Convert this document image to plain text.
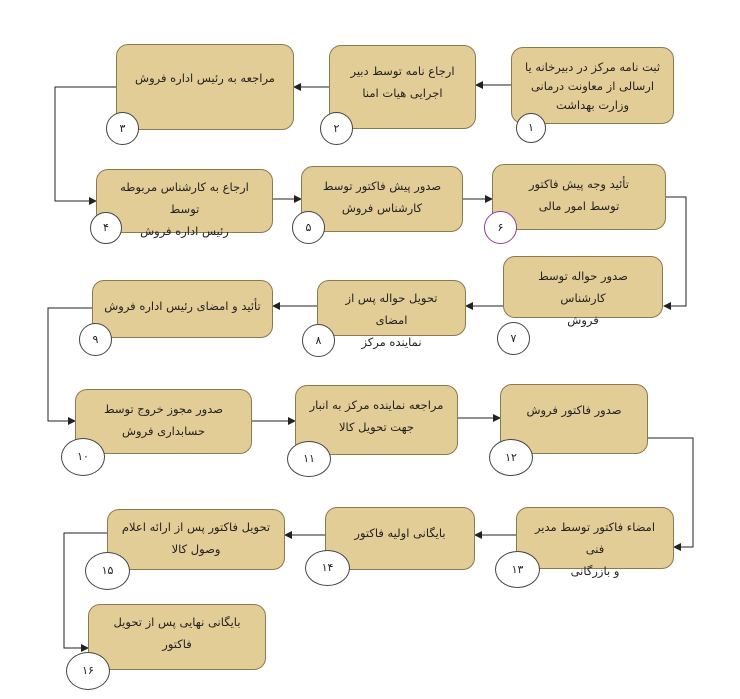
ثبت نامه مرکز در دبیرخانه یا
ارسالی از معاونت درمانی
وزارت بهداشت
ارجاع نامه توسط دبیر
اجرایی هیات امنا
مراجعه به رئیس اداره فروش
ارجاع به کارشناس مربوطه توسط
رئیس اداره فروش
صدور پیش فاکتور توسط
کارشناس فروش
تأئید وجه پیش فاکتور
توسط امور مالی
صدور حواله توسط کارشناس
فروش
تحویل حواله پس از امضای
نماینده مرکز
تأئید و امضای رئیس اداره فروش
صدور مجوز خروج توسط
حسابداری فروش
مراجعه نماینده مرکز به انبار
جهت تحویل کالا
صدور فاکتور فروش
امضاء فاکتور توسط مدیر فنی
و بازرگانی
بایگانی اولیه فاکتور
تحویل فاکتور پس از ارائه اعلام
وصول کالا
بایگانی نهایی پس از تحویل
فاکتور
۱
۲
۳
۴	۵	۶
۷
۸
۹
۱۰	۱۱	۱۲
۱۳
۱۴
۱۵
۱۶
